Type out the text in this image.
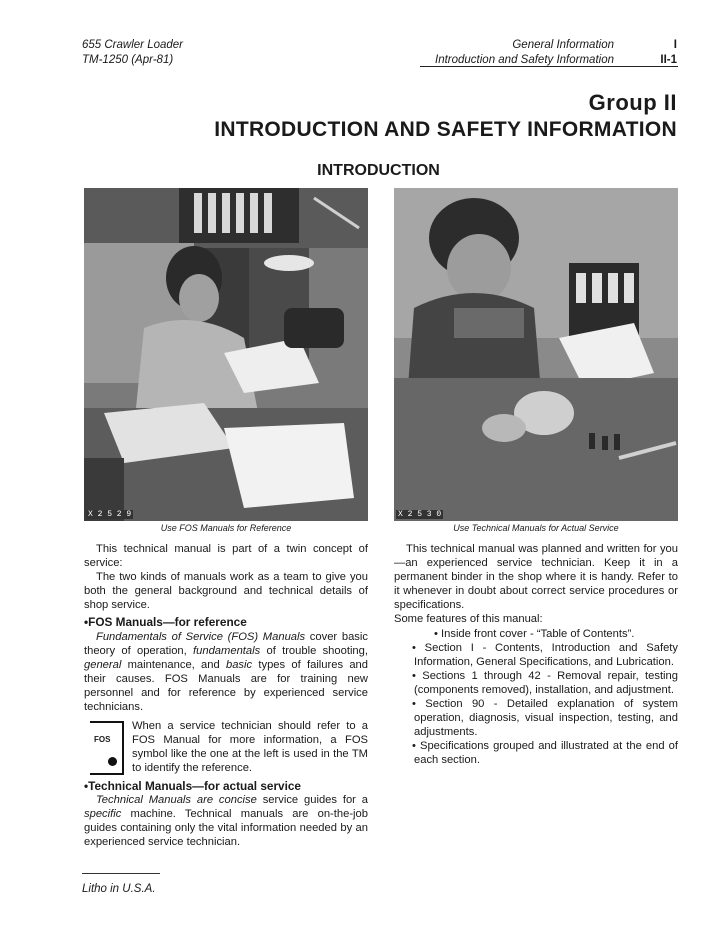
655 Crawler Loader
TM-1250 (Apr-81)
General Information
Introduction and Safety Information
I
II-1
Group II
INTRODUCTION AND SAFETY INFORMATION
INTRODUCTION
X 2 5 2 9
Use FOS Manuals for Reference
X 2 5 3 0
Use Technical Manuals for Actual Service

This technical manual is part of a twin concept of service:

The two kinds of manuals work as a team to give you both the general background and technical details of shop service.

•FOS Manuals—for reference

Fundamentals of Service (FOS) Manuals cover basic theory of operation, fundamentals of trouble shooting, general maintenance, and basic types of failures and their causes. FOS Manuals are for training new personnel and for reference by experienced service technicians.

When a service technician should refer to a FOS Manual for more information, a FOS symbol like the one at the left is used in the TM to identify the reference.

•Technical Manuals—for actual service

Technical Manuals are concise service guides for a specific machine. Technical manuals are on-the-job guides containing only the vital information needed by an experienced service technician.

FOS

This technical manual was planned and written for you—an experienced service technician. Keep it in a permanent binder in the shop where it is handy. Refer to it whenever in doubt about correct service procedures or specifications.

Some features of this manual:

• Inside front cover - “Table of Contents”.

• Section I - Contents, Introduction and Safety Information, General Specifications, and Lubrication.

• Sections 1 through 42 - Removal repair, testing (components removed), installation, and adjustment.

• Section 90 - Detailed explanation of system operation, diagnosis, visual inspection, testing, and adjustments.

• Specifications grouped and illustrated at the end of each section.

Litho in U.S.A.
